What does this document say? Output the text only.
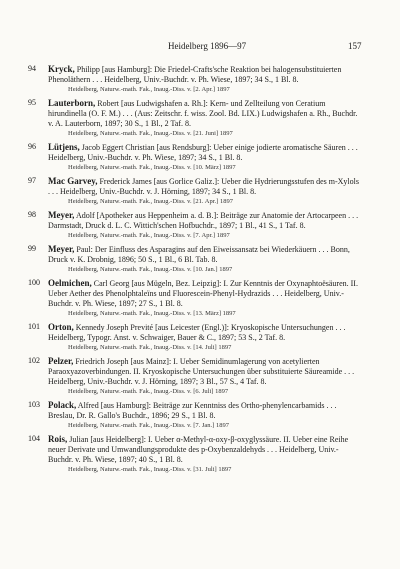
Heidelberg 1896—97	157
94	Kryck, Philipp [aus Hamburg]: Die Friedel-Crafts'sche Reaktion bei halogensubstituierten Phenoläthern . . . Heidelberg, Univ.-Buchdr. v. Ph. Wiese, 1897; 34 S., 1 Bl. 8.
Heidelberg, Naturw.-math. Fak., Inaug.-Diss. v. [2. Apr.] 1897
95	Lauterborn, Robert [aus Ludwigshafen a. Rh.]: Kern- und Zellteilung von Ceratium hirundinella (O. F. M.) . . . (Aus: Zeitschr. f. wiss. Zool. Bd. LIX.) Ludwigshafen a. Rh., Buchdr. v. A. Lauterborn, 1897; 30 S., 1 Bl., 2 Taf. 8.
Heidelberg, Naturw.-math. Fak., Inaug.-Diss. v. [21. Juni] 1897
96	Lütjens, Jacob Eggert Christian [aus Rendsburg]: Ueber einige jodierte aromatische Säuren . . . Heidelberg, Univ.-Buchdr. v. Ph. Wiese, 1897; 34 S., 1 Bl. 8.
Heidelberg, Naturw.-math. Fak., Inaug.-Diss. v. [10. März] 1897
97	Mac Garvey, Frederick James [aus Gorlice Galiz.]: Ueber die Hydrierungsstufen des m-Xylols . . . Heidelberg, Univ.-Buchdr. v. J. Hörning, 1897; 34 S., 1 Bl. 8.
Heidelberg, Naturw.-math. Fak., Inaug.-Diss. v. [21. Apr.] 1897
98	Meyer, Adolf [Apotheker aus Heppenheim a. d. B.]: Beiträge zur Anatomie der Artocarpeen . . . Darmstadt, Druck d. L. C. Wittich'schen Hofbuchdr., 1897; 1 Bl., 41 S., 1 Taf. 8.
Heidelberg, Naturw.-math. Fak., Inaug.-Diss. v. [7. Apr.] 1897
99	Meyer, Paul: Der Einfluss des Asparagins auf den Eiweissansatz bei Wiederkäuern . . . Bonn, Druck v. K. Drobnig, 1896; 50 S., 1 Bl., 6 Bl. Tab. 8.
Heidelberg, Naturw.-math. Fak., Inaug.-Diss. v. [10. Jan.] 1897
100 Oelmichen, Carl Georg [aus Mügeln, Bez. Leipzig]: I. Zur Kenntnis der Oxynaphtoësäuren. II. Ueber Aether des Phenolphtaleïns und Fluorescein-Phenyl-Hydrazids . . . Heidelberg, Univ.-Buchdr. v. Ph. Wiese, 1897; 27 S., 1 Bl. 8.
Heidelberg, Naturw.-math. Fak., Inaug.-Diss. v. [13. März] 1897
101 Orton, Kennedy Joseph Previté [aus Leicester (Engl.)]: Kryoskopische Untersuchungen . . . Heidelberg, Typogr. Anst. v. Schwaiger, Bauer & C., 1897; 53 S., 2 Taf. 8.
Heidelberg, Naturw.-math. Fak., Inaug.-Diss. v. [14. Juli] 1897
102 Pelzer, Friedrich Joseph [aus Mainz]: I. Ueber Semidinumlagerung von acetylierten Paraoxyazoverbindungen. II. Kryoskopische Untersuchungen über substituierte Säureamide . . . Heidelberg, Univ.-Buchdr. v. J. Hörning, 1897; 3 Bl., 57 S., 4 Taf. 8.
Heidelberg, Naturw.-math. Fak., Inaug.-Diss. v. [6. Juli] 1897
103 Polack, Alfred [aus Hamburg]: Beiträge zur Kenntniss des Ortho-phenylencarbamids . . . Breslau, Dr. R. Gallo's Buchdr., 1896; 29 S., 1 Bl. 8.
Heidelberg, Naturw.-math. Fak., Inaug.-Diss. v. [7. Jan.] 1897
104 Rois, Julian [aus Heidelberg]: I. Ueber α-Methyl-α-oxy-β-oxyglyssäure. II. Ueber eine Reihe neuer Derivate und Umwandlungsprodukte des p-Oxybenzaldehyds . . . Heidelberg, Univ.-Buchdr. v. Ph. Wiese, 1897; 40 S., 1 Bl. 8.
Heidelberg, Naturw.-math. Fak., Inaug.-Diss. v. [31. Juli] 1897
